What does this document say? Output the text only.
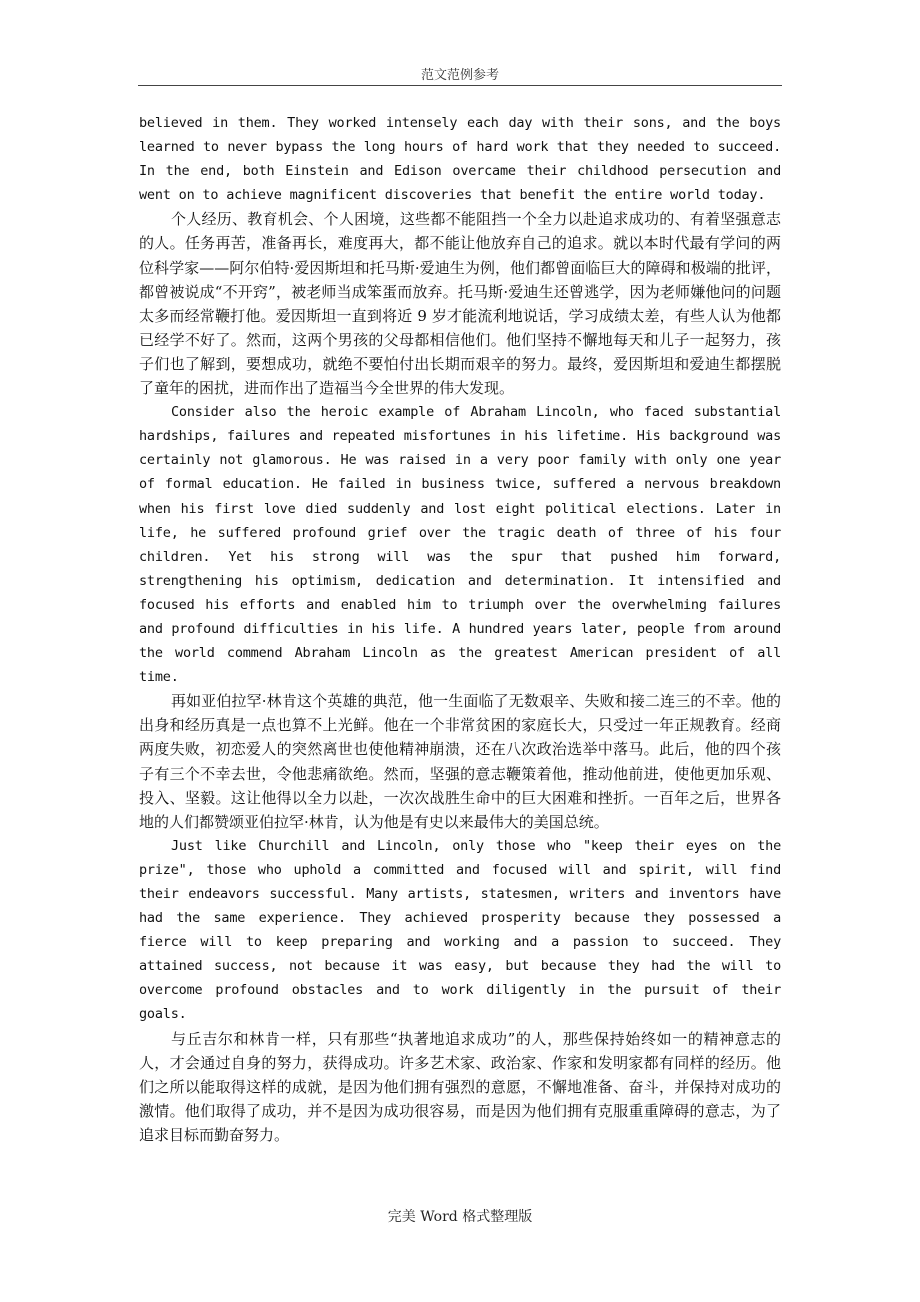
范文范例参考

believed in them. They worked intensely each day with their sons, and the boys learned to never bypass the long hours of hard work that they needed to succeed. In the end, both Einstein and Edison overcame their childhood persecution and went on to achieve magnificent discoveries that benefit the entire world today.

个人经历、教育机会、个人困境，这些都不能阻挡一个全力以赴追求成功的、有着坚强意志的人。任务再苦，准备再长，难度再大，都不能让他放弃自己的追求。就以本时代最有学问的两位科学家——阿尔伯特·爱因斯坦和托马斯·爱迪生为例，他们都曾面临巨大的障碍和极端的批评，都曾被说成“不开窍”，被老师当成笨蛋而放弃。托马斯·爱迪生还曾逃学，因为老师嫌他问的问题太多而经常鞭打他。爱因斯坦一直到将近 9 岁才能流利地说话，学习成绩太差，有些人认为他都已经学不好了。然而，这两个男孩的父母都相信他们。他们坚持不懈地每天和儿子一起努力，孩子们也了解到，要想成功，就绝不要怕付出长期而艰辛的努力。最终，爱因斯坦和爱迪生都摆脱了童年的困扰，进而作出了造福当今全世界的伟大发现。

Consider also the heroic example of Abraham Lincoln, who faced substantial hardships, failures and repeated misfortunes in his lifetime. His background was certainly not glamorous. He was raised in a very poor family with only one year of formal education. He failed in business twice, suffered a nervous breakdown when his first love died suddenly and lost eight political elections. Later in life, he suffered profound grief over the tragic death of three of his four children. Yet his strong will was the spur that pushed him forward, strengthening his optimism, dedication and determination. It intensified and focused his efforts and enabled him to triumph over the overwhelming failures and profound difficulties in his life. A hundred years later, people from around the world commend Abraham Lincoln as the greatest American president of all time.

再如亚伯拉罕·林肯这个英雄的典范，他一生面临了无数艰辛、失败和接二连三的不幸。他的出身和经历真是一点也算不上光鲜。他在一个非常贫困的家庭长大，只受过一年正规教育。经商两度失败，初恋爱人的突然离世也使他精神崩溃，还在八次政治选举中落马。此后，他的四个孩子有三个不幸去世，令他悲痛欲绝。然而，坚强的意志鞭策着他，推动他前进，使他更加乐观、投入、坚毅。这让他得以全力以赴，一次次战胜生命中的巨大困难和挫折。一百年之后，世界各地的人们都赞颂亚伯拉罕·林肯，认为他是有史以来最伟大的美国总统。

Just like Churchill and Lincoln, only those who "keep their eyes on the prize", those who uphold a committed and focused will and spirit, will find their endeavors successful. Many artists, statesmen, writers and inventors have had the same experience. They achieved prosperity because they possessed a fierce will to keep preparing and working and a passion to succeed. They attained success, not because it was easy, but because they had the will to overcome profound obstacles and to work diligently in the pursuit of their goals.

与丘吉尔和林肯一样，只有那些“执著地追求成功”的人，那些保持始终如一的精神意志的人，才会通过自身的努力，获得成功。许多艺术家、政治家、作家和发明家都有同样的经历。他们之所以能取得这样的成就，是因为他们拥有强烈的意愿，不懈地准备、奋斗，并保持对成功的激情。他们取得了成功，并不是因为成功很容易，而是因为他们拥有克服重重障碍的意志，为了追求目标而勤奋努力。

完美 Word 格式整理版
